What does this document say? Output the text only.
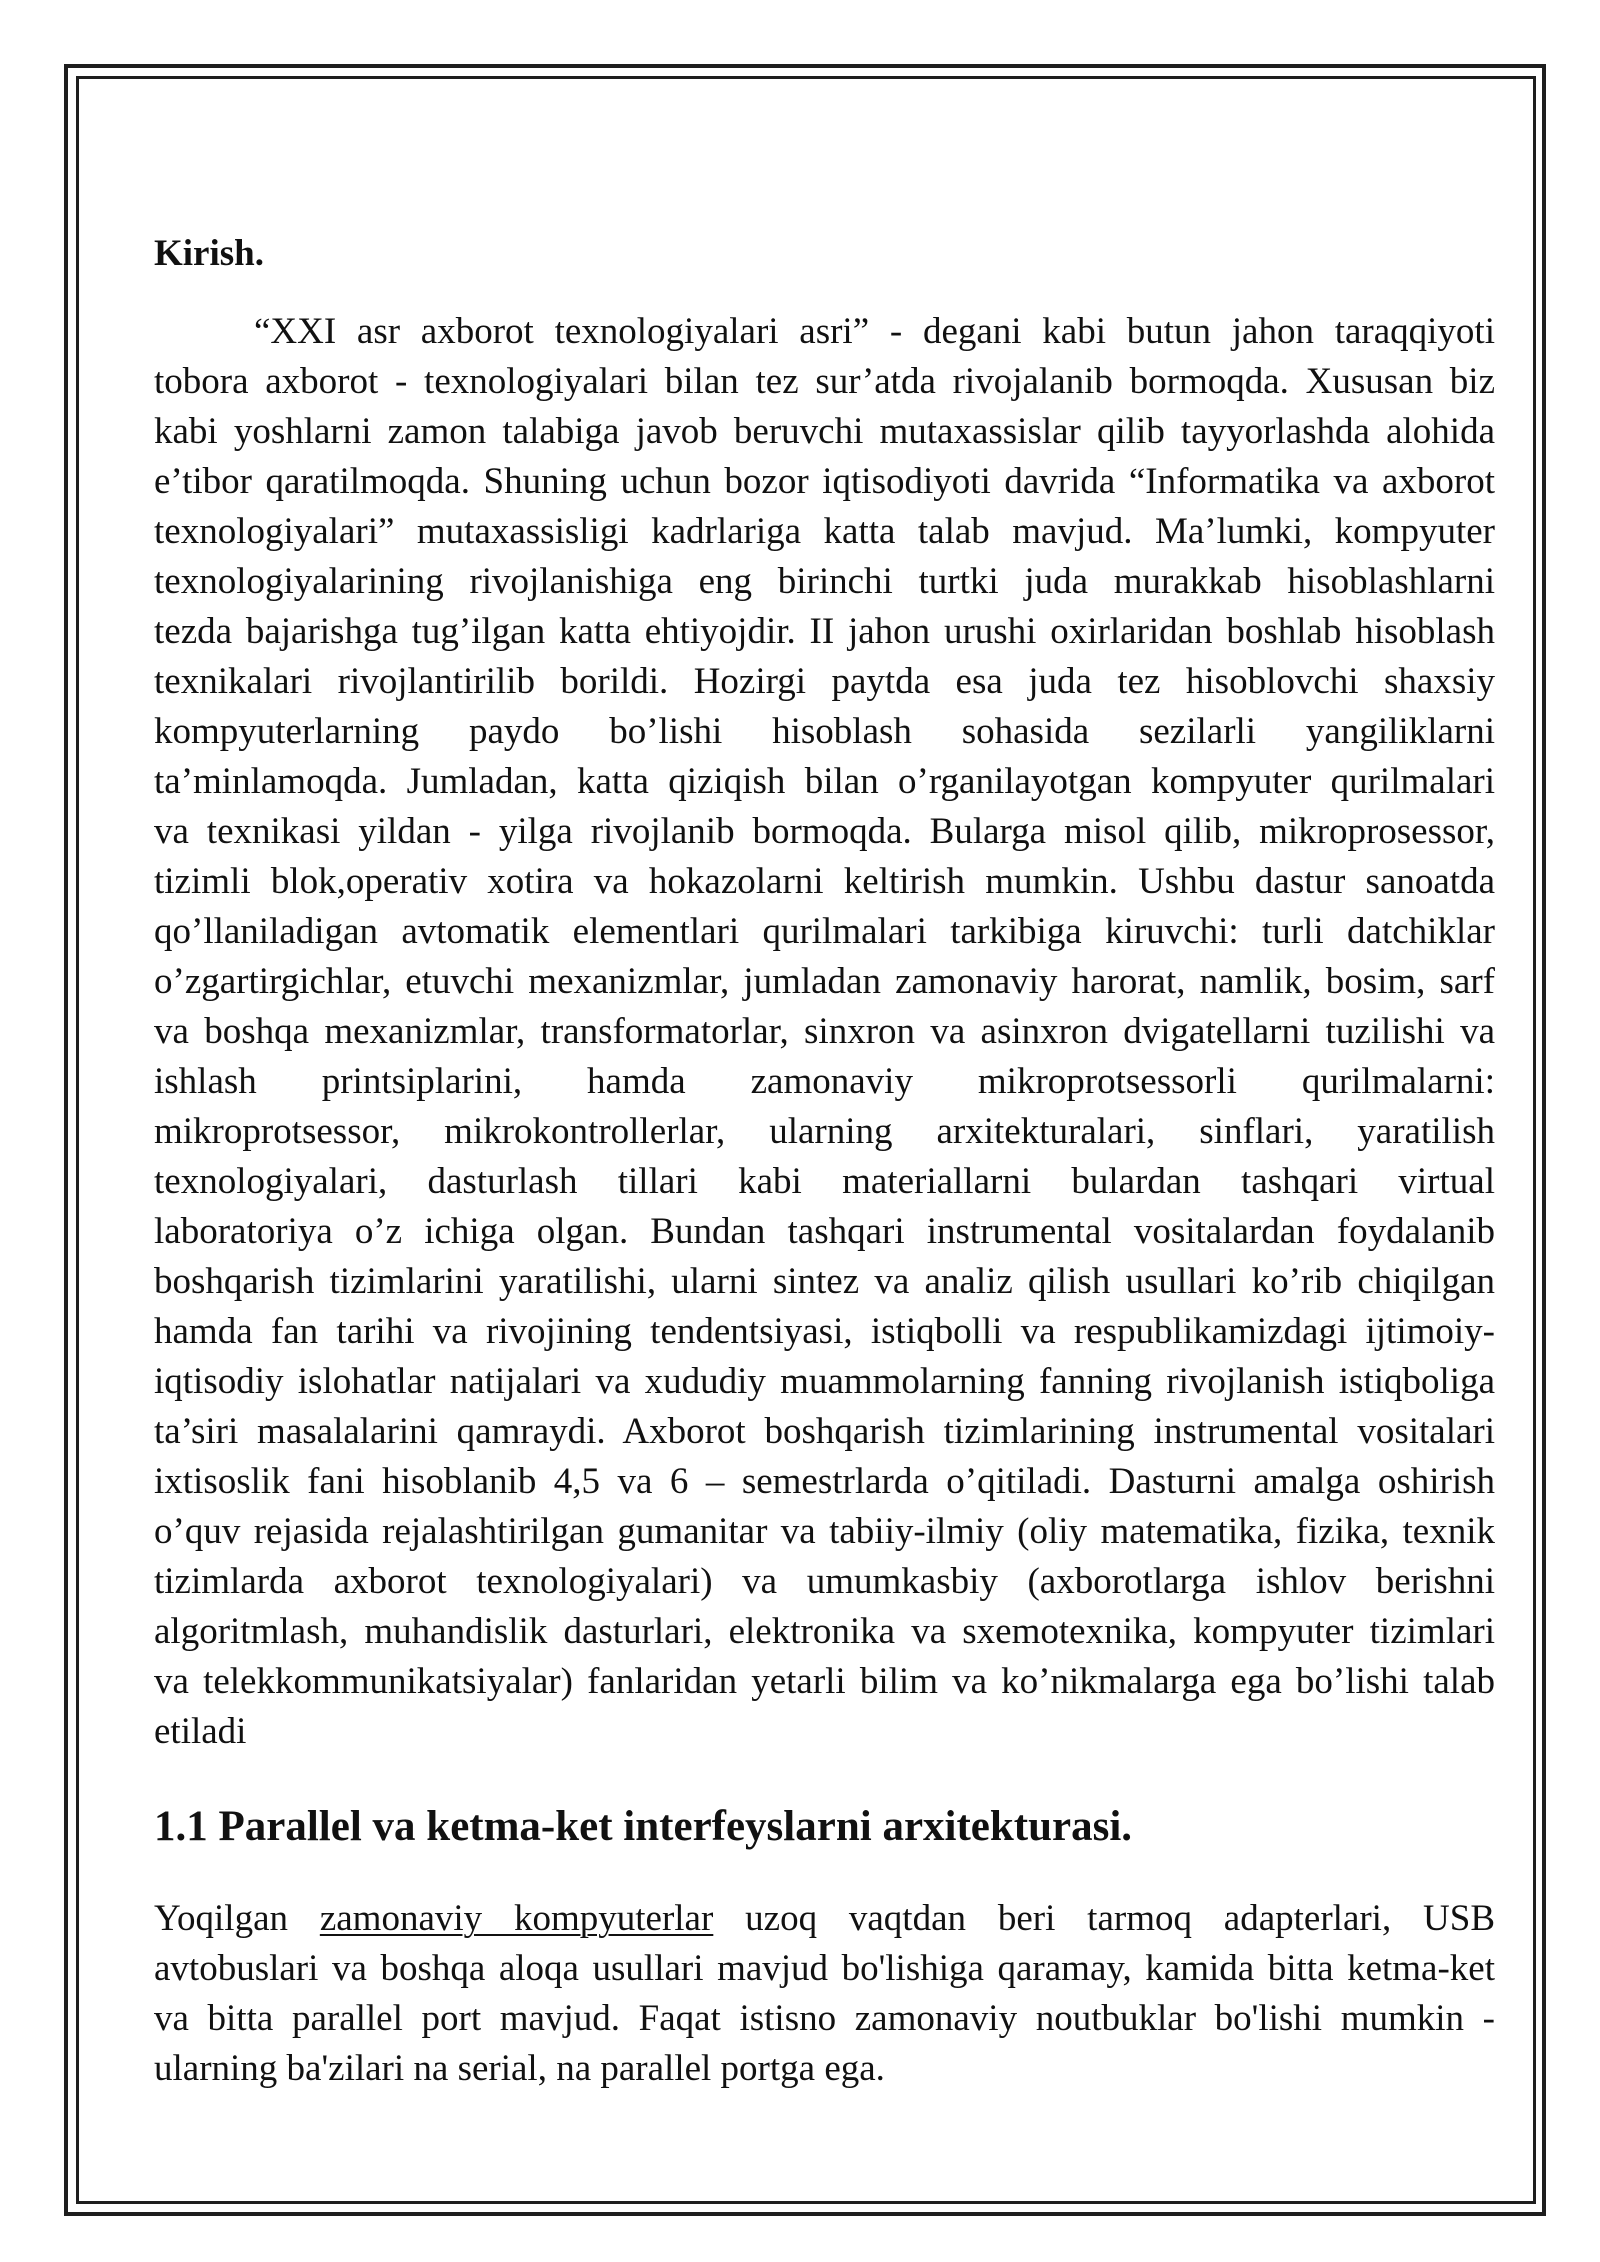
Kirish.
“XXI asr axborot texnologiyalari asri” - degani kabi butun jahon taraqqiyoti
tobora axborot - texnologiyalari bilan tez sur’atda rivojalanib bormoqda. Xususan biz
kabi yoshlarni zamon talabiga javob beruvchi mutaxassislar qilib tayyorlashda alohida
e’tibor qaratilmoqda. Shuning uchun bozor iqtisodiyoti davrida “Informatika va axborot
texnologiyalari” mutaxassisligi kadrlariga katta talab mavjud. Ma’lumki, kompyuter
texnologiyalarining rivojlanishiga eng birinchi turtki juda murakkab hisoblashlarni
tezda bajarishga tug’ilgan katta ehtiyojdir. II jahon urushi oxirlaridan boshlab hisoblash
texnikalari rivojlantirilib borildi. Hozirgi paytda esa juda tez hisoblovchi shaxsiy
kompyuterlarning paydo bo’lishi hisoblash sohasida sezilarli yangiliklarni
ta’minlamoqda. Jumladan, katta qiziqish bilan o’rganilayotgan kompyuter qurilmalari
va texnikasi yildan - yilga rivojlanib bormoqda. Bularga misol qilib, mikroprosessor,
tizimli blok,operativ xotira va hokazolarni keltirish mumkin. Ushbu dastur sanoatda
qo’llaniladigan avtomatik elementlari qurilmalari tarkibiga kiruvchi: turli datchiklar
o’zgartirgichlar, etuvchi mexanizmlar, jumladan zamonaviy harorat, namlik, bosim, sarf
va boshqa mexanizmlar, transformatorlar, sinxron va asinxron dvigatellarni tuzilishi va
ishlash printsiplarini, hamda zamonaviy mikroprotsessorli qurilmalarni:
mikroprotsessor, mikrokontrollerlar, ularning arxitekturalari, sinflari, yaratilish
texnologiyalari, dasturlash tillari kabi materiallarni bulardan tashqari virtual
laboratoriya o’z ichiga olgan. Bundan tashqari instrumental vositalardan foydalanib
boshqarish tizimlarini yaratilishi, ularni sintez va analiz qilish usullari ko’rib chiqilgan
hamda fan tarihi va rivojining tendentsiyasi, istiqbolli va respublikamizdagi ijtimoiy-
iqtisodiy islohatlar natijalari va xududiy muammolarning fanning rivojlanish istiqboliga
ta’siri masalalarini qamraydi. Axborot boshqarish tizimlarining instrumental vositalari
ixtisoslik fani hisoblanib 4,5 va 6 – semestrlarda o’qitiladi. Dasturni amalga oshirish
o’quv rejasida rejalashtirilgan gumanitar va tabiiy-ilmiy (oliy matematika, fizika, texnik
tizimlarda axborot texnologiyalari) va umumkasbiy (axborotlarga ishlov berishni
algoritmlash, muhandislik dasturlari, elektronika va sxemotexnika, kompyuter tizimlari
va telekkommunikatsiyalar) fanlaridan yetarli bilim va ko’nikmalarga ega bo’lishi talab
etiladi
1.1 Parallel va ketma-ket interfeyslarni arxitekturasi.
Yoqilgan zamonaviy kompyuterlar uzoq vaqtdan beri tarmoq adapterlari, USB
avtobuslari va boshqa aloqa usullari mavjud bo'lishiga qaramay, kamida bitta ketma-ket
va bitta parallel port mavjud. Faqat istisno zamonaviy noutbuklar bo'lishi mumkin -
ularning ba'zilari na serial, na parallel portga ega.
